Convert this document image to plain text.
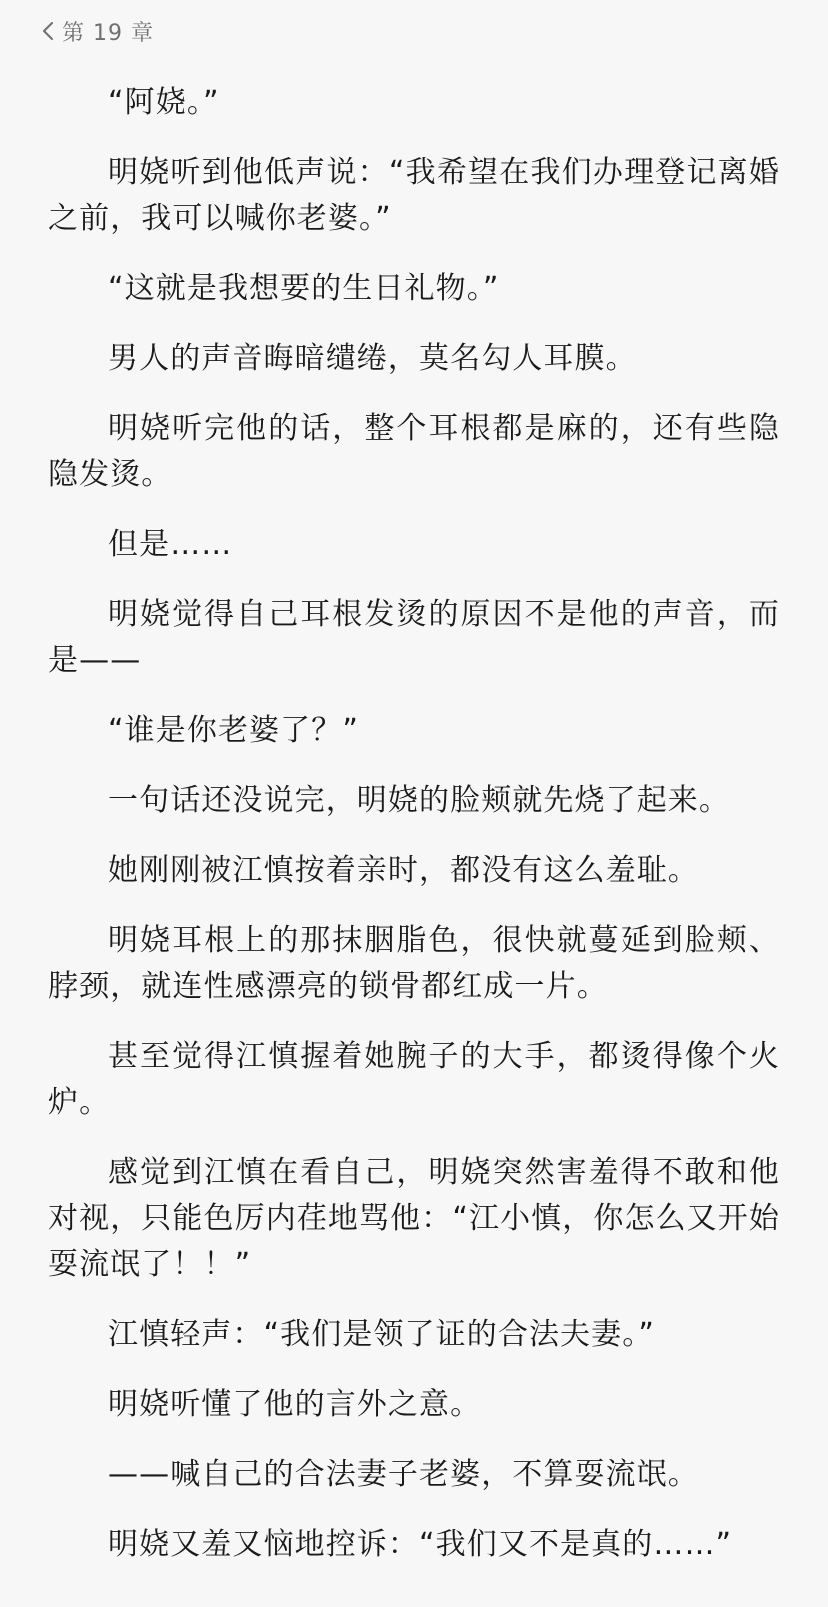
第 19 章

“阿娆。”

明娆听到他低声说：“我希望在我们办理登记离婚之前，我可以喊你老婆。”

“这就是我想要的生日礼物。”

男人的声音晦暗缱绻，莫名勾人耳膜。

明娆听完他的话，整个耳根都是麻的，还有些隐隐发烫。

但是……

明娆觉得自己耳根发烫的原因不是他的声音，而是——

“谁是你老婆了？”

一句话还没说完，明娆的脸颊就先烧了起来。

她刚刚被江慎按着亲时，都没有这么羞耻。

明娆耳根上的那抹胭脂色，很快就蔓延到脸颊、脖颈，就连性感漂亮的锁骨都红成一片。

甚至觉得江慎握着她腕子的大手，都烫得像个火炉。

感觉到江慎在看自己，明娆突然害羞得不敢和他对视，只能色厉内荏地骂他：“江小慎，你怎么又开始耍流氓了！！”

江慎轻声：“我们是领了证的合法夫妻。”

明娆听懂了他的言外之意。

——喊自己的合法妻子老婆，不算耍流氓。

明娆又羞又恼地控诉：“我们又不是真的……”
